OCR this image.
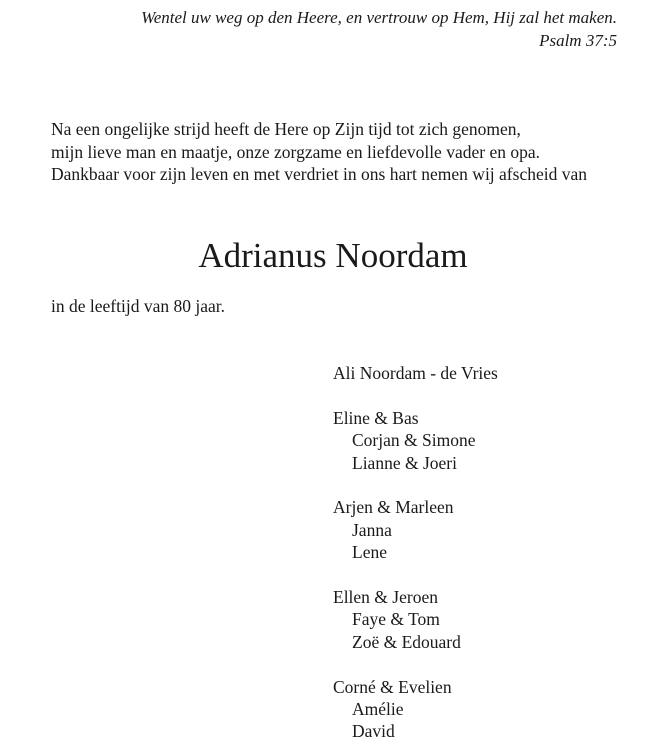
Wentel uw weg op den Heere, en vertrouw op Hem, Hij zal het maken.
Psalm 37:5
Na een ongelijke strijd heeft de Here op Zijn tijd tot zich genomen,
mijn lieve man en maatje, onze zorgzame en liefdevolle vader en opa.
Dankbaar voor zijn leven en met verdriet in ons hart nemen wij afscheid van
Adrianus Noordam
in de leeftijd van 80 jaar.
Ali Noordam - de Vries
Eline & Bas
Corjan & Simone
Lianne & Joeri
Arjen & Marleen
Janna
Lene
Ellen & Jeroen
Faye & Tom
Zoë & Edouard
Corné & Evelien
Amélie
David
